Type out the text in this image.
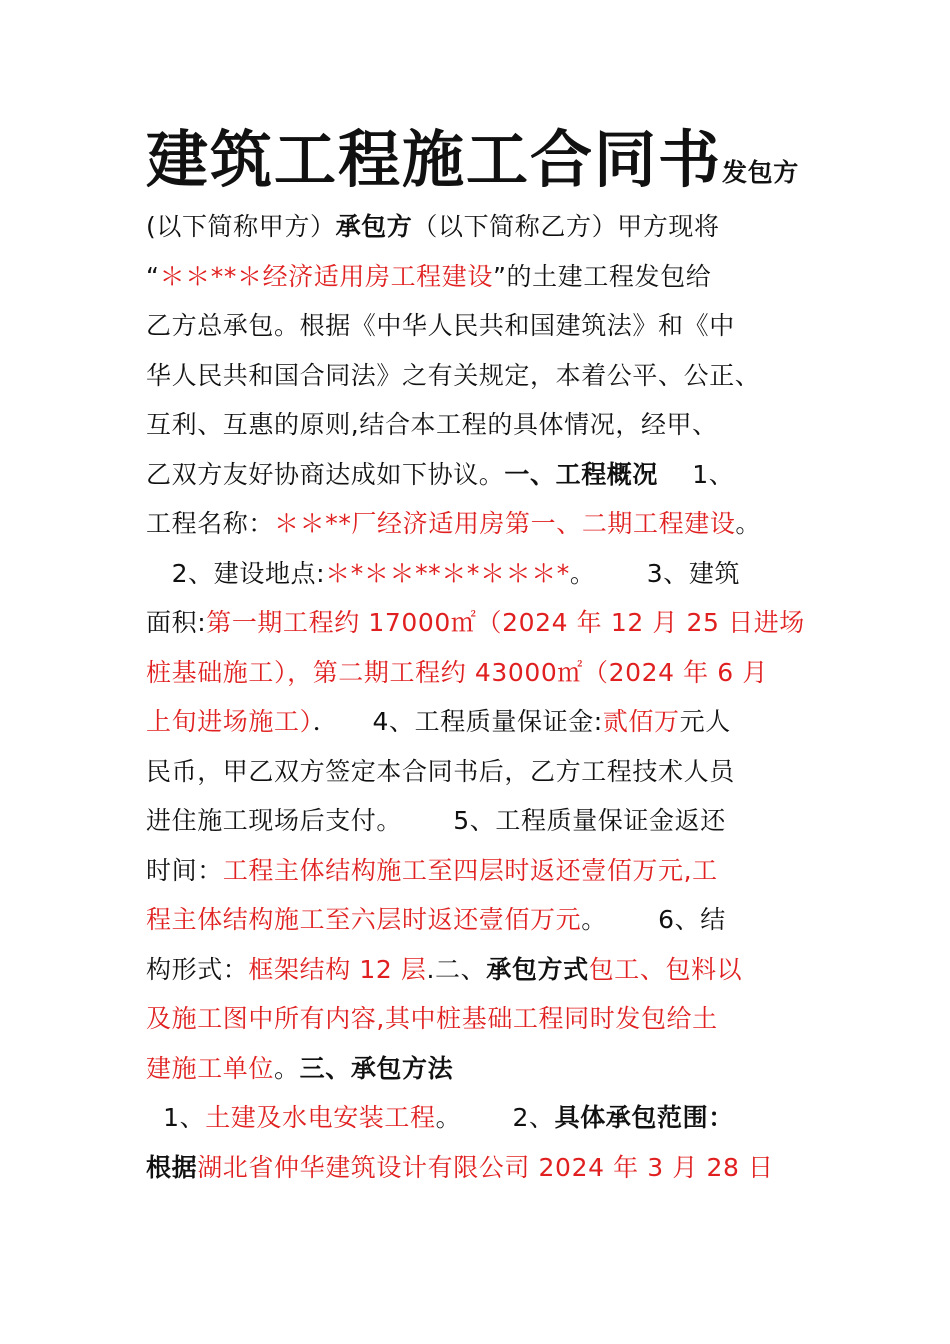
建筑工程施工合同书发包方
(以下简称甲方）承包方（以下简称乙方）甲方现将
“＊＊**＊经济适用房工程建设”的土建工程发包给
乙方总承包。根据《中华人民共和国建筑法》和《中
华人民共和国合同法》之有关规定，本着公平、公正、
互利、互惠的原则,结合本工程的具体情况，经甲、
乙双方友好协商达成如下协议。一、工程概况    1、
工程名称：＊＊**厂经济适用房第一、二期工程建设。
2、建设地点:＊*＊＊**＊*＊＊＊*。      3、建筑
面积:第一期工程约 17000㎡（2024 年 12 月 25 日进场
桩基础施工），第二期工程约 43000㎡（2024 年 6 月
上旬进场施工）．    4、工程质量保证金:贰佰万元人
民币，甲乙双方签定本合同书后，乙方工程技术人员
进住施工现场后支付。      5、工程质量保证金返还
时间：工程主体结构施工至四层时返还壹佰万元,工
程主体结构施工至六层时返还壹佰万元。      6、结
构形式：框架结构 12 层.二、承包方式包工、包料以
及施工图中所有内容,其中桩基础工程同时发包给土
建施工单位。三、承包方法
1、土建及水电安装工程。      2、具体承包范围：
根据湖北省仲华建筑设计有限公司 2024 年 3 月 28 日
